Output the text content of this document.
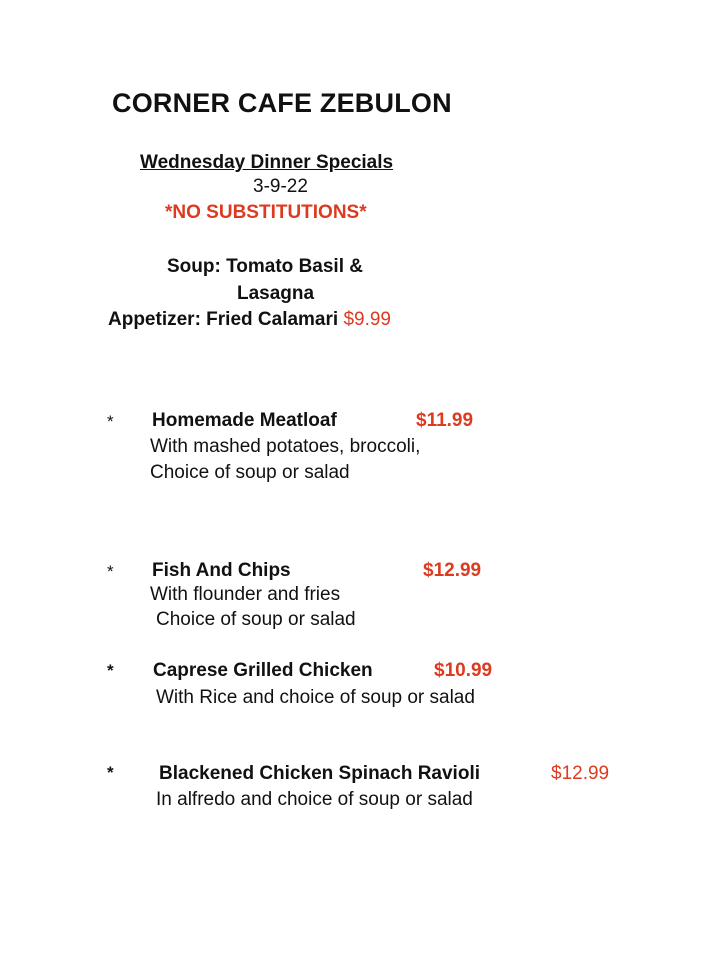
CORNER CAFE ZEBULON
Wednesday Dinner Specials
3-9-22
*NO SUBSTITUTIONS*
Soup: Tomato Basil &
Lasagna
Appetizer: Fried Calamari $9.99
* Homemade Meatloaf	$11.99
With mashed potatoes, broccoli,
Choice of soup or salad
* Fish And Chips	$12.99
With flounder and fries
Choice of soup or salad
* Caprese Grilled Chicken	$10.99
With Rice and choice of soup or salad
* Blackened Chicken Spinach Ravioli	$12.99
In alfredo and choice of soup or salad
